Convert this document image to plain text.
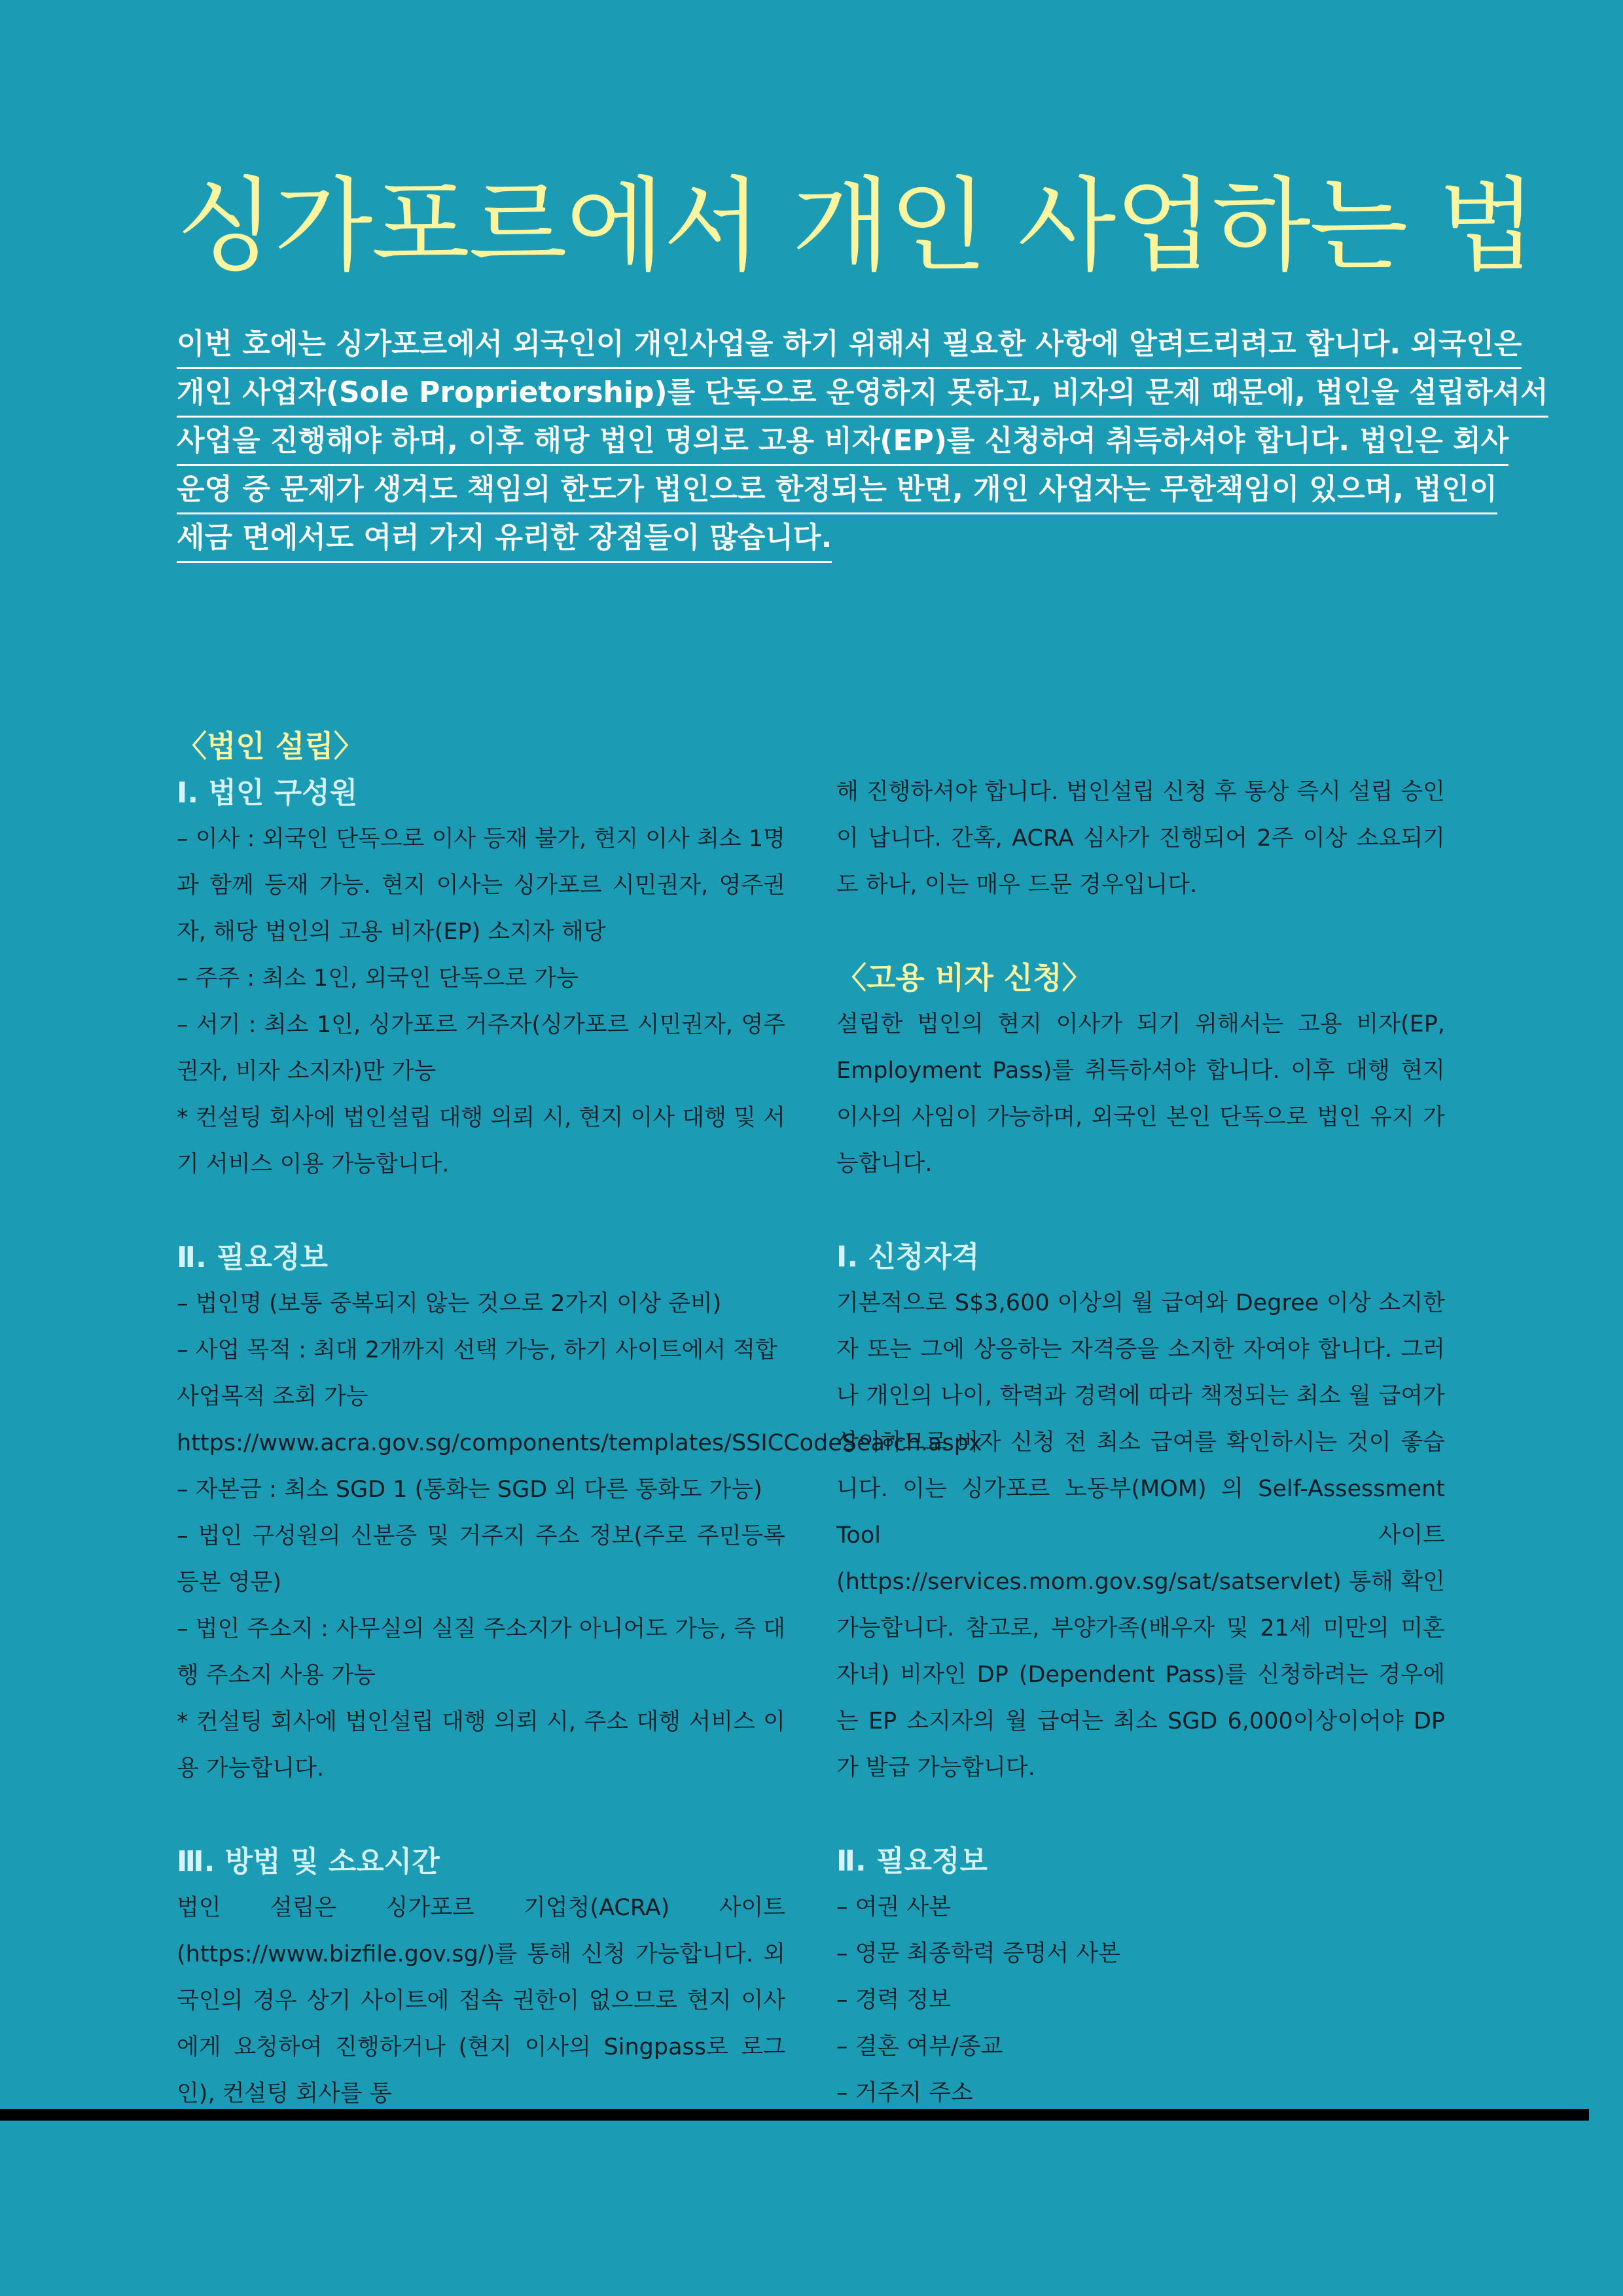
싱가포르에서 개인 사업하는 법
이번 호에는 싱가포르에서 외국인이 개인사업을 하기 위해서 필요한 사항에 알려드리려고 합니다. 외국인은
개인 사업자(Sole Proprietorship)를 단독으로 운영하지 못하고, 비자의 문제 때문에, 법인을 설립하셔서
사업을 진행해야 하며, 이후 해당 법인 명의로 고용 비자(EP)를 신청하여 취득하셔야 합니다. 법인은 회사
운영 중 문제가 생겨도 책임의 한도가 법인으로 한정되는 반면, 개인 사업자는 무한책임이 있으며, 법인이
세금 면에서도 여러 가지 유리한 장점들이 많습니다.

〈법인 설립〉

Ⅰ. 법인 구성원

– 이사 : 외국인 단독으로 이사 등재 불가, 현지 이사 최소 1명과 함께 등재 가능. 현지 이사는 싱가포르 시민권자, 영주권자, 해당 법인의 고용 비자(EP) 소지자 해당

– 주주 : 최소 1인, 외국인 단독으로 가능

– 서기 : 최소 1인, 싱가포르 거주자(싱가포르 시민권자, 영주권자, 비자 소지자)만 가능

* 컨설팅 회사에 법인설립 대행 의뢰 시, 현지 이사 대행 및 서기 서비스 이용 가능합니다.

Ⅱ. 필요정보

– 법인명 (보통 중복되지 않는 것으로 2가지 이상 준비)

– 사업 목적 : 최대 2개까지 선택 가능, 하기 사이트에서 적합 사업목적 조회 가능 https://www.acra.gov.sg/components/templates/SSICCodeSearch.aspx

– 자본금 : 최소 SGD 1 (통화는 SGD 외 다른 통화도 가능)

– 법인 구성원의 신분증 및 거주지 주소 정보(주로 주민등록 등본 영문)

– 법인 주소지 : 사무실의 실질 주소지가 아니어도 가능, 즉 대행 주소지 사용 가능

* 컨설팅 회사에 법인설립 대행 의뢰 시, 주소 대행 서비스 이용 가능합니다.

Ⅲ. 방법 및 소요시간

법인 설립은 싱가포르 기업청(ACRA) 사이트(https://www.bizfile.gov.sg/)를 통해 신청 가능합니다. 외국인의 경우 상기 사이트에 접속 권한이 없으므로 현지 이사에게 요청하여 진행하거나 (현지 이사의 Singpass로 로그인), 컨설팅 회사를 통

해 진행하셔야 합니다. 법인설립 신청 후 통상 즉시 설립 승인이 납니다. 간혹, ACRA 심사가 진행되어 2주 이상 소요되기도 하나, 이는 매우 드문 경우입니다.

〈고용 비자 신청〉

설립한 법인의 현지 이사가 되기 위해서는 고용 비자(EP, Employment Pass)를 취득하셔야 합니다. 이후 대행 현지 이사의 사임이 가능하며, 외국인 본인 단독으로 법인 유지 가능합니다.

Ⅰ. 신청자격

기본적으로 S$3,600 이상의 월 급여와 Degree 이상 소지한 자 또는 그에 상응하는 자격증을 소지한 자여야 합니다. 그러나 개인의 나이, 학력과 경력에 따라 책정되는 최소 월 급여가 상이하므로 비자 신청 전 최소 급여를 확인하시는 것이 좋습니다. 이는 싱가포르 노동부(MOM) 의 Self-Assessment Tool 사이트(https://services.mom.gov.sg/sat/satservlet) 통해 확인 가능합니다. 참고로, 부양가족(배우자 및 21세 미만의 미혼 자녀) 비자인 DP (Dependent Pass)를 신청하려는 경우에는 EP 소지자의 월 급여는 최소 SGD 6,000이상이어야 DP가 발급 가능합니다.

Ⅱ. 필요정보

– 여권 사본

– 영문 최종학력 증명서 사본

– 경력 정보

– 결혼 여부/종교

– 거주지 주소
